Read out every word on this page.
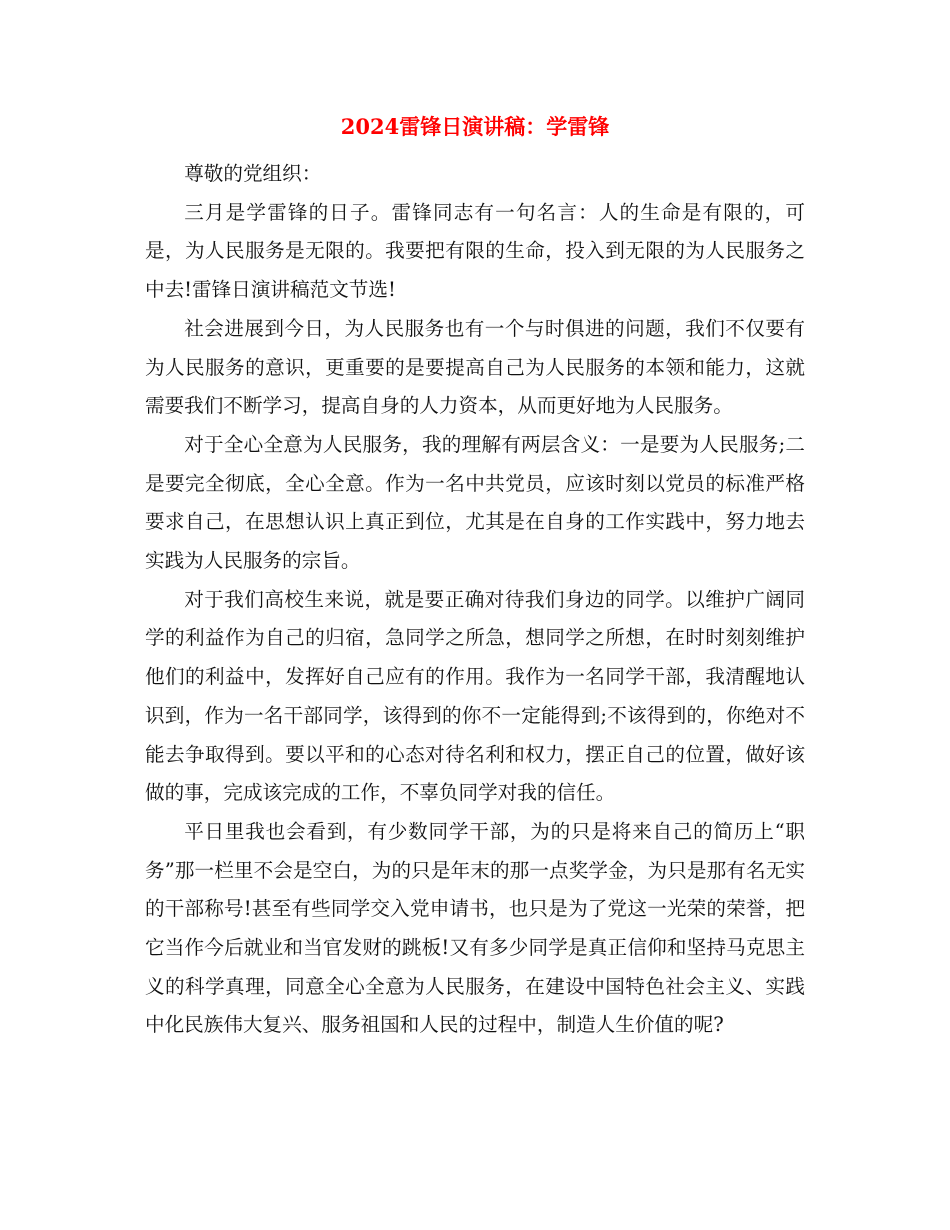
2024雷锋日演讲稿：学雷锋

尊敬的党组织：

三月是学雷锋的日子。雷锋同志有一句名言：人的生命是有限的，可是，为人民服务是无限的。我要把有限的生命，投入到无限的为人民服务之中去!雷锋日演讲稿范文节选!

社会进展到今日，为人民服务也有一个与时俱进的问题，我们不仅要有为人民服务的意识，更重要的是要提高自己为人民服务的本领和能力，这就需要我们不断学习，提高自身的人力资本，从而更好地为人民服务。

对于全心全意为人民服务，我的理解有两层含义：一是要为人民服务;二是要完全彻底，全心全意。作为一名中共党员，应该时刻以党员的标准严格要求自己，在思想认识上真正到位，尤其是在自身的工作实践中，努力地去实践为人民服务的宗旨。

对于我们高校生来说，就是要正确对待我们身边的同学。以维护广阔同学的利益作为自己的归宿，急同学之所急，想同学之所想，在时时刻刻维护他们的利益中，发挥好自己应有的作用。我作为一名同学干部，我清醒地认识到，作为一名干部同学，该得到的你不一定能得到;不该得到的，你绝对不能去争取得到。要以平和的心态对待名利和权力，摆正自己的位置，做好该做的事，完成该完成的工作，不辜负同学对我的信任。

平日里我也会看到，有少数同学干部，为的只是将来自己的简历上“职务”那一栏里不会是空白，为的只是年末的那一点奖学金，为只是那有名无实的干部称号!甚至有些同学交入党申请书，也只是为了党这一光荣的荣誉，把它当作今后就业和当官发财的跳板!又有多少同学是真正信仰和坚持马克思主义的科学真理，同意全心全意为人民服务，在建设中国特色社会主义、实践中化民族伟大复兴、服务祖国和人民的过程中，制造人生价值的呢?
